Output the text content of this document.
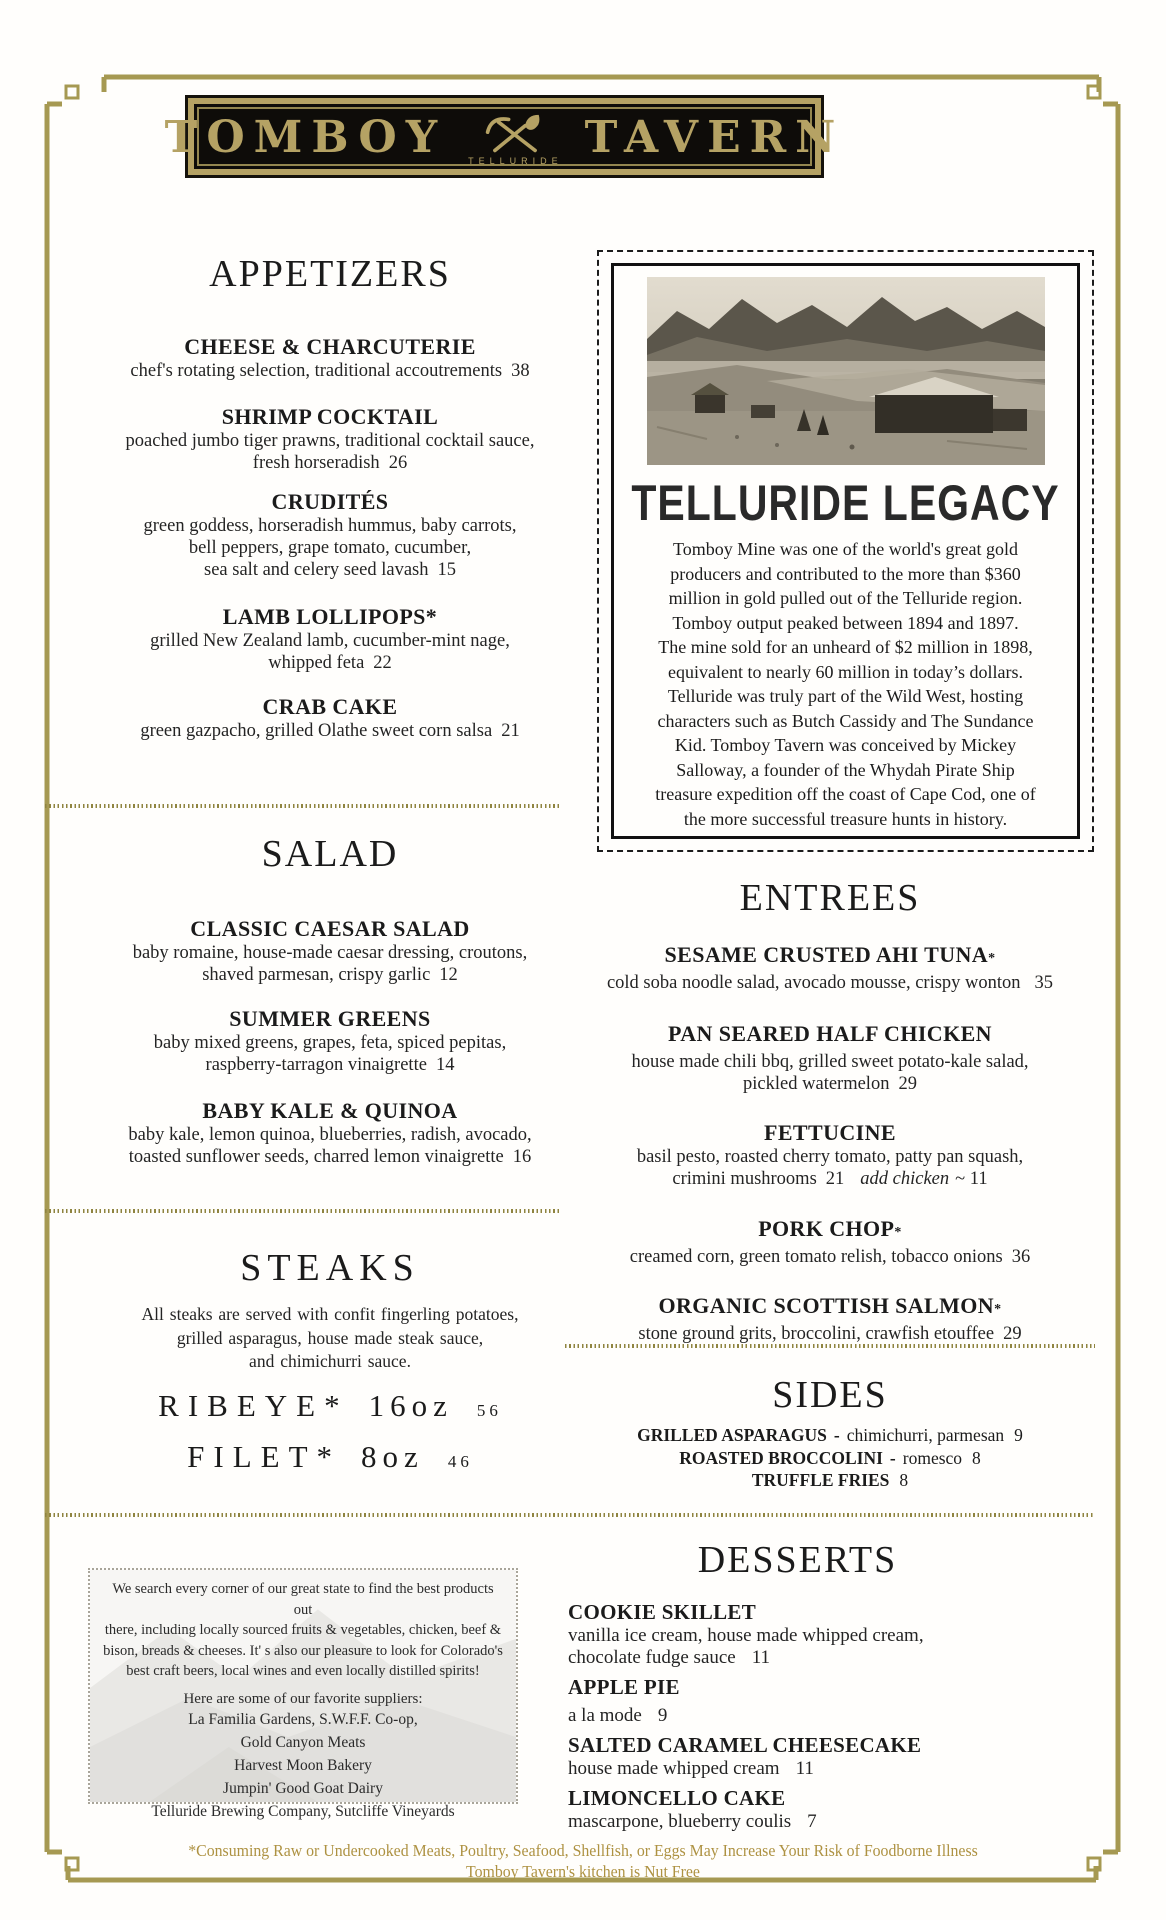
TOMBOY TELLURIDE TAVERN
APPETIZERS
CHEESE & CHARCUTERIE
chef's rotating selection, traditional accoutrements 38
SHRIMP COCKTAIL
poached jumbo tiger prawns, traditional cocktail sauce,
fresh horseradish 26
CRUDITÉS
green goddess, horseradish hummus, baby carrots,
bell peppers, grape tomato, cucumber,
sea salt and celery seed lavash 15
LAMB LOLLIPOPS*
grilled New Zealand lamb, cucumber-mint nage,
whipped feta 22
CRAB CAKE
green gazpacho, grilled Olathe sweet corn salsa 21
SALAD
CLASSIC CAESAR SALAD
baby romaine, house-made caesar dressing, croutons,
shaved parmesan, crispy garlic 12
SUMMER GREENS
baby mixed greens, grapes, feta, spiced pepitas,
raspberry-tarragon vinaigrette 14
BABY KALE & QUINOA
baby kale, lemon quinoa, blueberries, radish, avocado,
toasted sunflower seeds, charred lemon vinaigrette 16
STEAKS
All steaks are served with confit fingerling potatoes,
grilled asparagus, house made steak sauce,
and chimichurri sauce.
RIBEYE* 16oz 56
FILET* 8oz 46
TELLURIDE LEGACY
Tomboy Mine was one of the world's great gold
producers and contributed to the more than $360
million in gold pulled out of the Telluride region.
Tomboy output peaked between 1894 and 1897.
The mine sold for an unheard of $2 million in 1898,
equivalent to nearly 60 million in today’s dollars.
Telluride was truly part of the Wild West, hosting
characters such as Butch Cassidy and The Sundance
Kid. Tomboy Tavern was conceived by Mickey
Salloway, a founder of the Whydah Pirate Ship
treasure expedition off the coast of Cape Cod, one of
the more successful treasure hunts in history.
ENTREES
SESAME CRUSTED AHI TUNA*
cold soba noodle salad, avocado mousse, crispy wonton 35
PAN SEARED HALF CHICKEN
house made chili bbq, grilled sweet potato-kale salad,
pickled watermelon 29
FETTUCINE
basil pesto, roasted cherry tomato, patty pan squash,
crimini mushrooms 21 add chicken ~ 11
PORK CHOP*
creamed corn, green tomato relish, tobacco onions 36
ORGANIC SCOTTISH SALMON*
stone ground grits, broccolini, crawfish etouffee 29
SIDES
GRILLED ASPARAGUS - chimichurri, parmesan 9
ROASTED BROCCOLINI - romesco 8
TRUFFLE FRIES 8
DESSERTS
COOKIE SKILLET
vanilla ice cream, house made whipped cream,
chocolate fudge sauce 11
APPLE PIE
a la mode 9
SALTED CARAMEL CHEESECAKE
house made whipped cream 11
LIMONCELLO CAKE
mascarpone, blueberry coulis 7
We search every corner of our great state to find the best products out
there, including locally sourced fruits & vegetables, chicken, beef &
bison, breads & cheeses. It' s also our pleasure to look for Colorado's
best craft beers, local wines and even locally distilled spirits!
Here are some of our favorite suppliers:
La Familia Gardens, S.W.F.F. Co-op,
Gold Canyon Meats
Harvest Moon Bakery
Jumpin' Good Goat Dairy
Telluride Brewing Company, Sutcliffe Vineyards
*Consuming Raw or Undercooked Meats, Poultry, Seafood, Shellfish, or Eggs May Increase Your Risk of Foodborne Illness
Tomboy Tavern's kitchen is Nut Free
